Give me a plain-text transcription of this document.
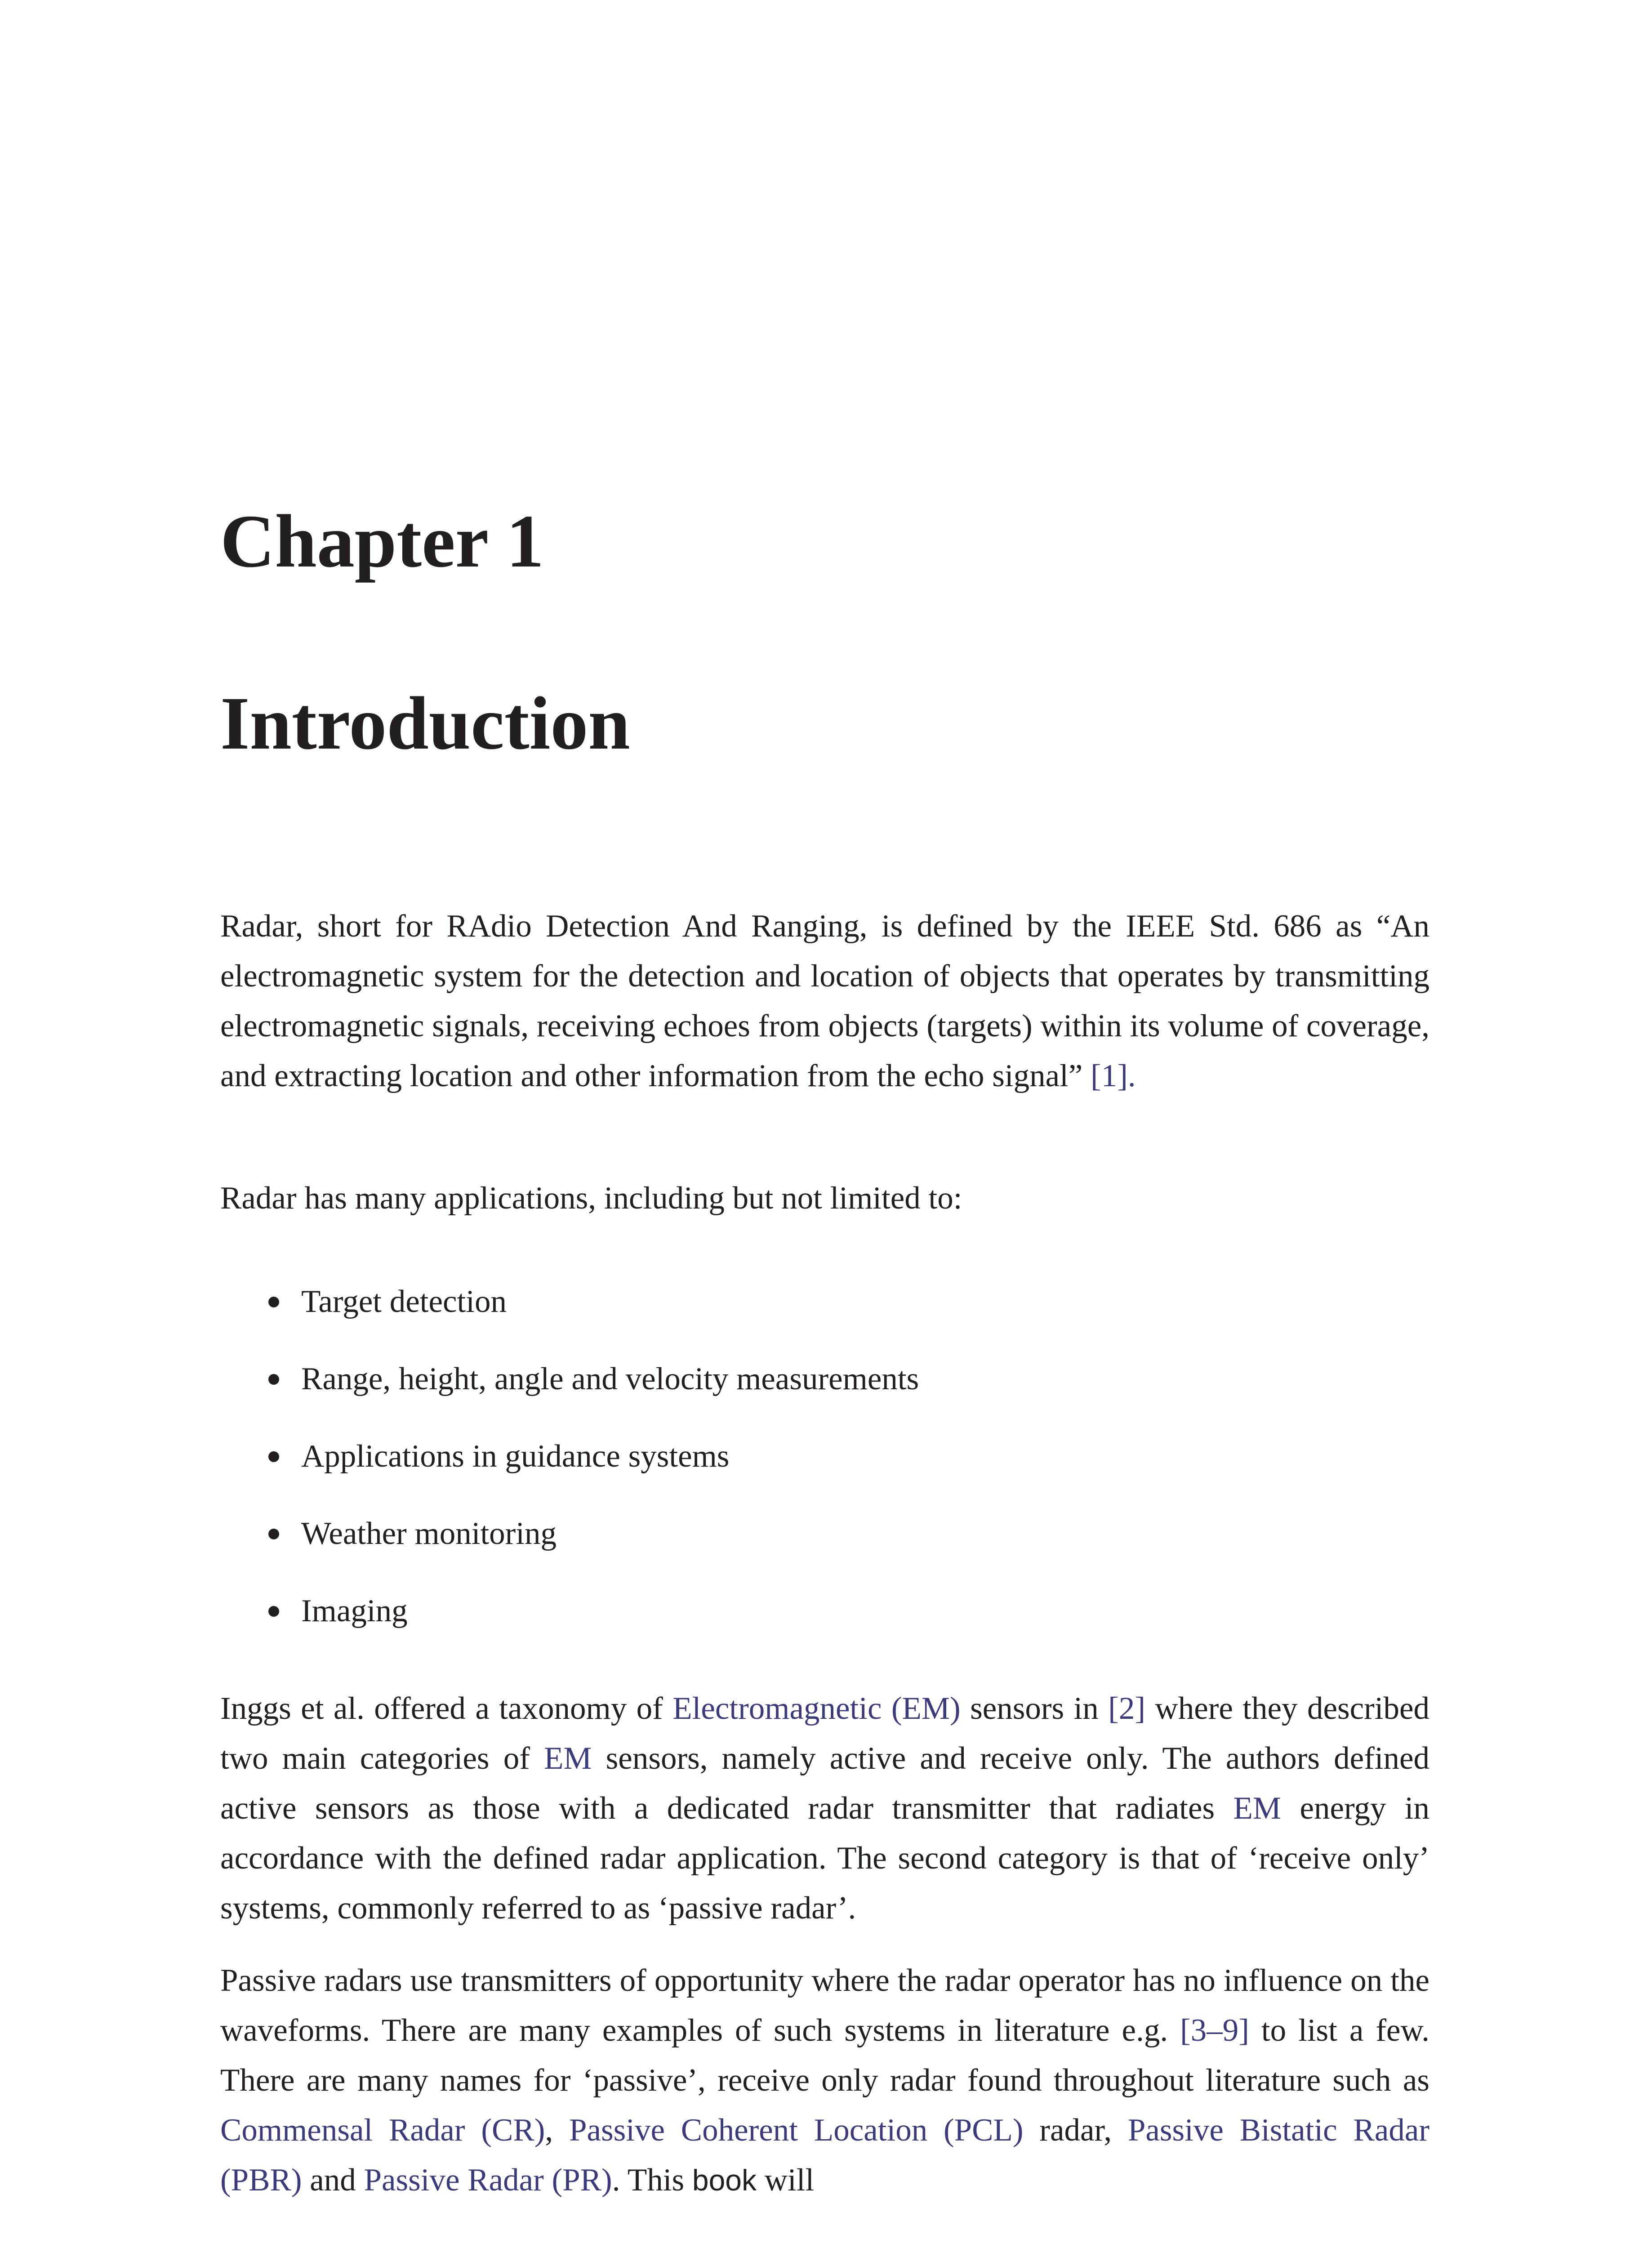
Chapter 1
Introduction

Radar, short for RAdio Detection And Ranging, is defined by the IEEE Std. 686 as “An electromagnetic system for the detection and location of objects that operates by transmitting electromagnetic signals, receiving echoes from objects (targets) within its volume of coverage, and extracting location and other information from the echo signal” [1].

Radar has many applications, including but not limited to:

Target detection
Range, height, angle and velocity measurements
Applications in guidance systems
Weather monitoring
Imaging

Inggs et al. offered a taxonomy of Electromagnetic (EM) sensors in [2] where they described two main categories of EM sensors, namely active and receive only. The authors defined active sensors as those with a dedicated radar transmitter that radiates EM energy in accordance with the defined radar application. The second category is that of ‘receive only’ systems, commonly referred to as ‘passive radar’.

Passive radars use transmitters of opportunity where the radar operator has no influence on the waveforms. There are many examples of such systems in literature e.g. [3–9] to list a few. There are many names for ‘passive’, receive only radar found throughout literature such as Commensal Radar (CR), Passive Coherent Location (PCL) radar, Passive Bistatic Radar (PBR) and Passive Radar (PR). This book will
